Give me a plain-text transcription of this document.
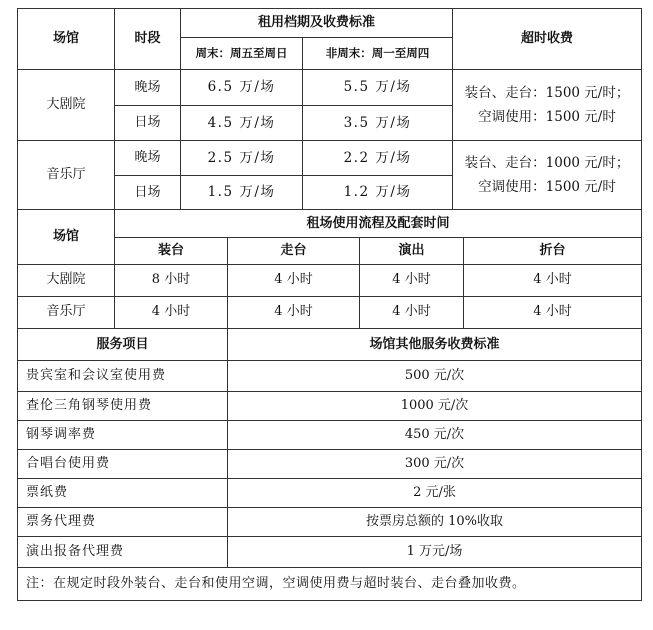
场馆	时段	租用档期及收费标准		超时收费
		周末：周五至周日	非周末：周一至周四	
大剧院	晚场	6.5 万/场	5.5 万/场	装台、走台：1500 元/时；
空调使用：1500 元/时

	日场	4.5 万/场	3.5 万/场	
音乐厅	晚场	2.5 万/场	2.2 万/场	装台、走台：1000 元/时；
空调使用：1500 元/时

	日场	1.5 万/场	1.2 万/场	
场馆	租场使用流程及配套时间			
	装台	走台	演出	折台
大剧院	8 小时	4 小时	4 小时	4 小时
音乐厅	4 小时	4 小时	4 小时	4 小时
服务项目	场馆其他服务收费标准
贵宾室和会议室使用费	500 元/次
查伦三角钢琴使用费	1000 元/次
钢琴调率费	450 元/次
合唱台使用费	300 元/次
票纸费	2 元/张
票务代理费	按票房总额的 10%收取
演出报备代理费	1 万元/场
注：在规定时段外装台、走台和使用空调，空调使用费与超时装台、走台叠加收费。	
